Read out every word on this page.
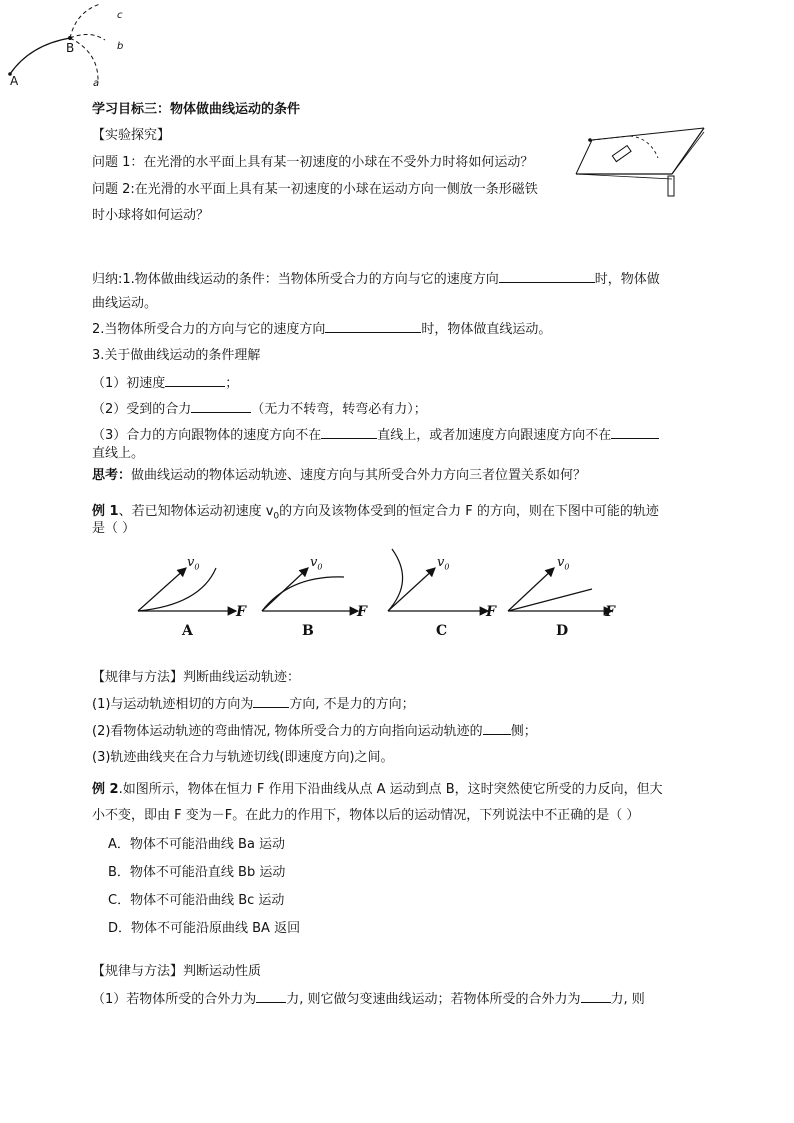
A
B
a
b
c
学习目标三：物体做曲线运动的条件
【实验探究】
问题 1：在光滑的水平面上具有某一初速度的小球在不受外力时将如何运动？
问题 2:在光滑的水平面上具有某一初速度的小球在运动方向一侧放一条形磁铁
时小球将如何运动？
归纳:1.物体做曲线运动的条件：当物体所受合力的方向与它的速度方向	时，物体做
曲线运动。
2.当物体所受合力的方向与它的速度方向	时，物体做直线运动。
3.关于做曲线运动的条件理解
（1）初速度	；
（2）受到的合力	（无力不转弯，转弯必有力）；
（3）合力的方向跟物体的速度方向不在	直线上，或者加速度方向跟速度方向不在
直线上。
思考：做曲线运动的物体运动轨迹、速度方向与其所受合外力方向三者位置关系如何？
例 1、若已知物体运动初速度 $v_0$的方向及该物体受到的恒定合力 F 的方向，则在下图中可能的轨迹
是（ ）
$v_0$
F
$v_0$
F
$v_0$
F
$v_0$
F
A	B	C	D
【规律与方法】判断曲线运动轨迹：
(1)与运动轨迹相切的方向为	方向, 不是力的方向；
(2)看物体运动轨迹的弯曲情况, 物体所受合力的方向指向运动轨迹的 侧；
(3)轨迹曲线夹在合力与轨迹切线(即速度方向)之间。
例 2.如图所示，物体在恒力 F 作用下沿曲线从点 A 运动到点 B，这时突然使它所受的力反向，但大
小不变，即由 F 变为－F。在此力的作用下，物体以后的运动情况，下列说法中不正确的是（ ）
A．物体不可能沿曲线 Ba 运动
B．物体不可能沿直线 Bb 运动
C．物体不可能沿曲线 Bc 运动
D．物体不可能沿原曲线 BA 返回
【规律与方法】判断运动性质
（1）若物体所受的合外力为 力, 则它做匀变速曲线运动；若物体所受的合外力为 力, 则
